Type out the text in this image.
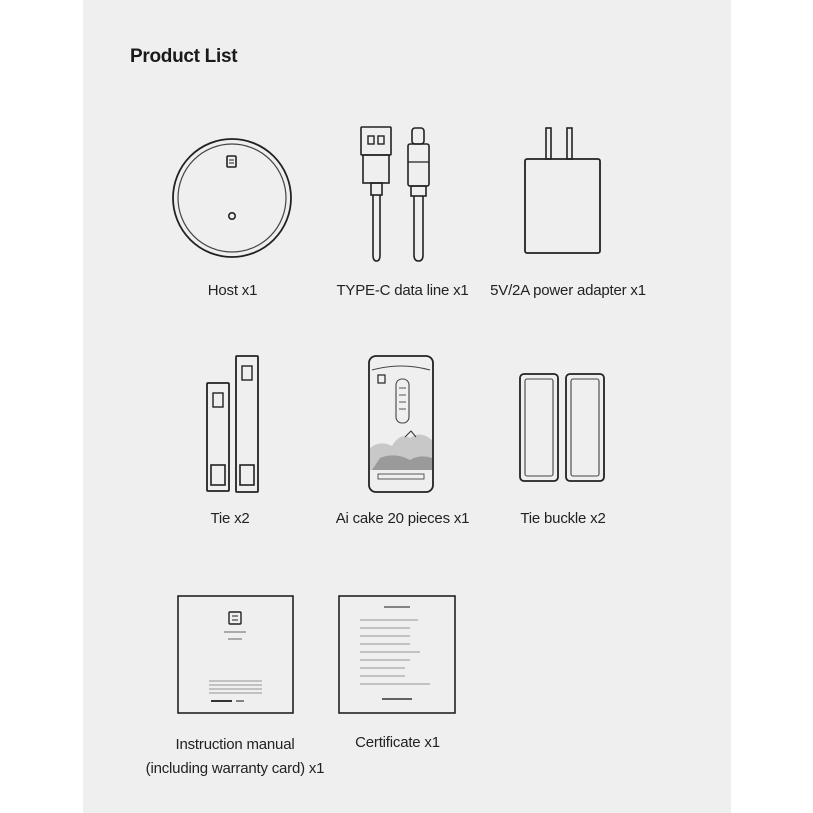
Product List
Host x1	TYPE-C data line x1	5V/2A power adapter x1
Tie x2	Ai cake 20 pieces x1	Tie buckle x2
Instruction manual
(including warranty card) x1
Certificate x1
